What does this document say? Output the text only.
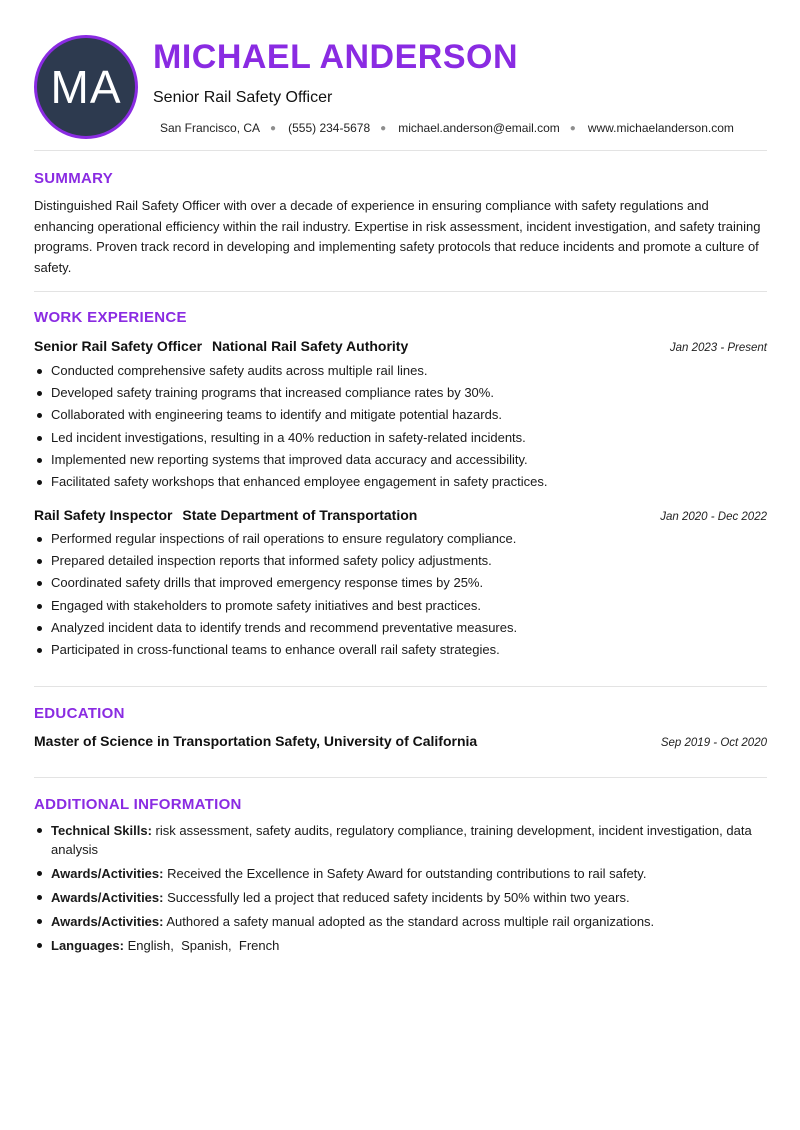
MA
MICHAEL ANDERSON
Senior Rail Safety Officer
San Francisco, CA ● (555) 234-5678 ● michael.anderson@email.com ● www.michaelanderson.com
SUMMARY

Distinguished Rail Safety Officer with over a decade of experience in ensuring compliance with safety regulations and enhancing operational efficiency within the rail industry. Expertise in risk assessment, incident investigation, and safety training programs. Proven track record in developing and implementing safety protocols that reduce incidents and promote a culture of safety.

WORK EXPERIENCE
Senior Rail Safety Officer National Rail Safety Authority	Jan 2023 - Present
Conducted comprehensive safety audits across multiple rail lines.
Developed safety training programs that increased compliance rates by 30%.
Collaborated with engineering teams to identify and mitigate potential hazards.
Led incident investigations, resulting in a 40% reduction in safety-related incidents.
Implemented new reporting systems that improved data accuracy and accessibility.
Facilitated safety workshops that enhanced employee engagement in safety practices.
Rail Safety Inspector State Department of Transportation	Jan 2020 - Dec 2022
Performed regular inspections of rail operations to ensure regulatory compliance.
Prepared detailed inspection reports that informed safety policy adjustments.
Coordinated safety drills that improved emergency response times by 25%.
Engaged with stakeholders to promote safety initiatives and best practices.
Analyzed incident data to identify trends and recommend preventative measures.
Participated in cross-functional teams to enhance overall rail safety strategies.
EDUCATION
Master of Science in Transportation Safety, University of California	Sep 2019 - Oct 2020
ADDITIONAL INFORMATION
Technical Skills: risk assessment, safety audits, regulatory compliance, training development, incident investigation, data analysis
Awards/Activities: Received the Excellence in Safety Award for outstanding contributions to rail safety.
Awards/Activities: Successfully led a project that reduced safety incidents by 50% within two years.
Awards/Activities: Authored a safety manual adopted as the standard across multiple rail organizations.
Languages: English,  Spanish,  French
